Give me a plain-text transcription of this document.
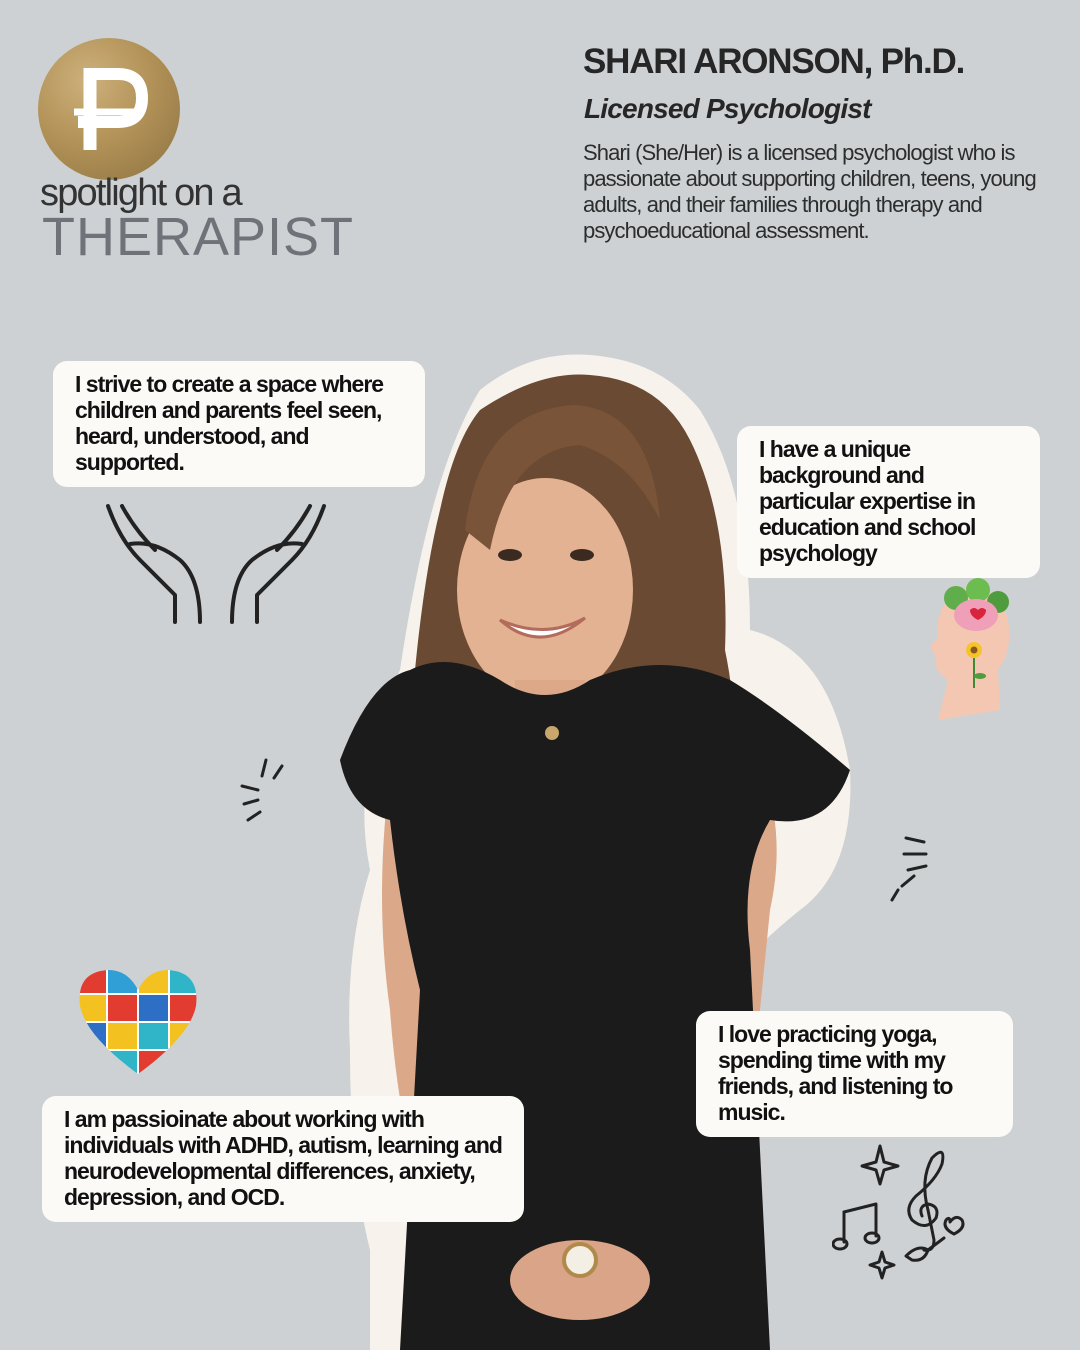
spotlight on a
THERAPIST
SHARI ARONSON, Ph.D.
Licensed Psychologist
Shari (She/Her) is a licensed psychologist who is passionate about supporting children, teens, young adults, and their families through therapy and psychoeducational assessment.
I strive to create a space where children and parents feel seen, heard, understood, and supported.	I have a unique background and particular expertise in education and school psychology
I love practicing yoga, spending time with my friends, and listening to music.
I am passioinate about working with individuals with ADHD, autism, learning and neurodevelopmental differences, anxiety, depression, and OCD.
